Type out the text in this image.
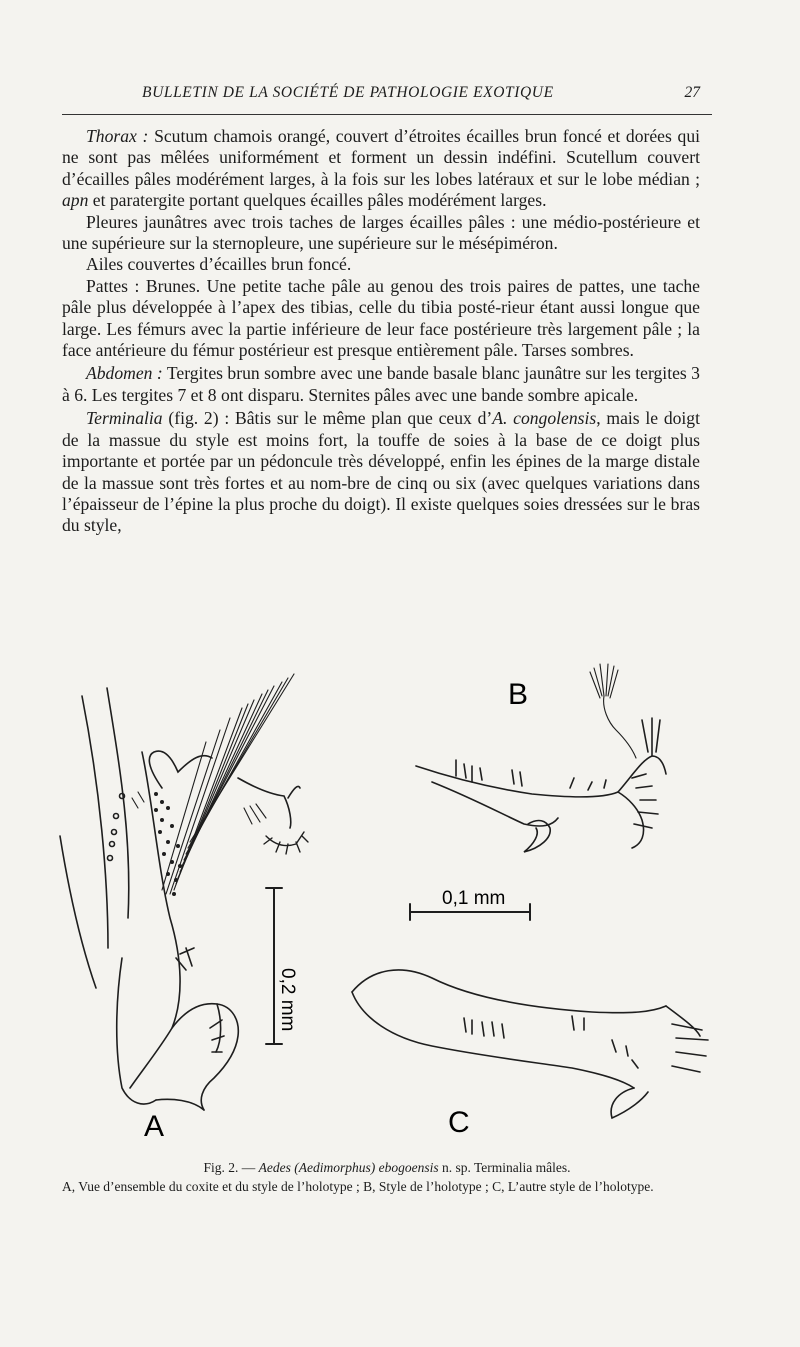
BULLETIN DE LA SOCIÉTÉ DE PATHOLOGIE EXOTIQUE	27

Thorax : Scutum chamois orangé, couvert d’étroites écailles brun foncé et dorées qui ne sont pas mêlées uniformément et forment un dessin indéfini. Scutellum couvert d’écailles pâles modérément larges, à la fois sur les lobes latéraux et sur le lobe médian ; apn et paratergite portant quelques écailles pâles modérément larges.

Pleures jaunâtres avec trois taches de larges écailles pâles : une médio-postérieure et une supérieure sur la sternopleure, une supérieure sur le mésépiméron.

Ailes couvertes d’écailles brun foncé.

Pattes : Brunes. Une petite tache pâle au genou des trois paires de pattes, une tache pâle plus développée à l’apex des tibias, celle du tibia posté-rieur étant aussi longue que large. Les fémurs avec la partie inférieure de leur face postérieure très largement pâle ; la face antérieure du fémur postérieur est presque entièrement pâle. Tarses sombres.

Abdomen : Tergites brun sombre avec une bande basale blanc jaunâtre sur les tergites 3 à 6. Les tergites 7 et 8 ont disparu. Sternites pâles avec une bande sombre apicale.

Terminalia (fig. 2) : Bâtis sur le même plan que ceux d’A. congolensis, mais le doigt de la massue du style est moins fort, la touffe de soies à la base de ce doigt plus importante et portée par un pédoncule très développé, enfin les épines de la marge distale de la massue sont très fortes et au nom-bre de cinq ou six (avec quelques variations dans l’épaisseur de l’épine la plus proche du doigt). Il existe quelques soies dressées sur le bras du style,

0,1 mm
0,2 mm
A
B
C
Fig. 2. — Aedes (Aedimorphus) ebogoensis n. sp. Terminalia mâles.
A, Vue d’ensemble du coxite et du style de l’holotype ; B, Style de l’holotype ; C, L’autre style de l’holotype.
